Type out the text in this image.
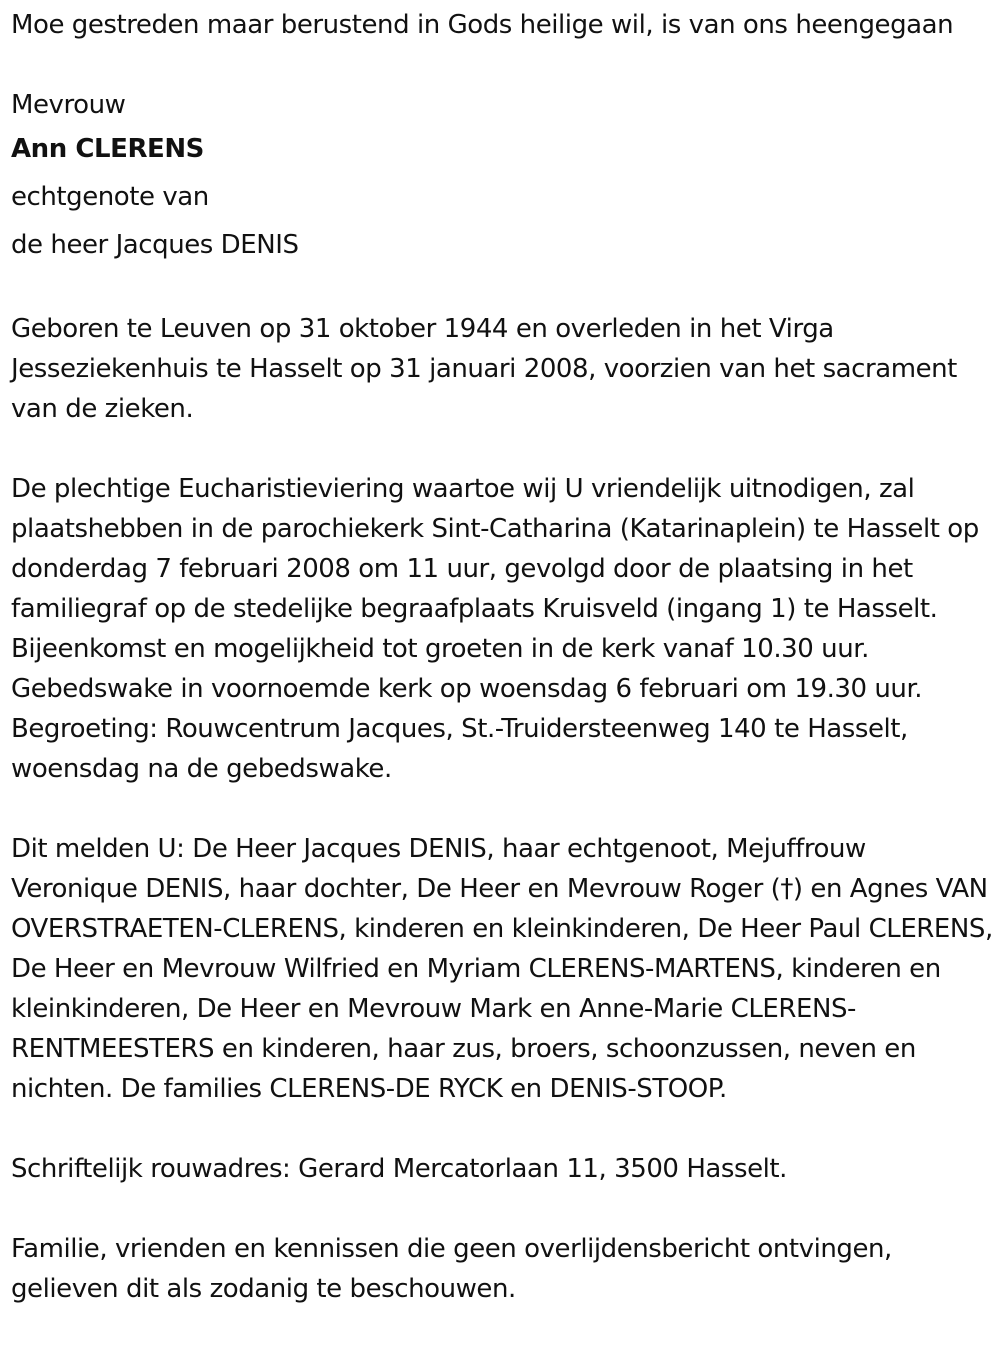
Moe gestreden maar berustend in Gods heilige wil, is van ons heengegaan

Mevrouw

Ann CLERENS

echtgenote van

de heer Jacques DENIS

Geboren te Leuven op 31 oktober 1944 en overleden in het Virga Jesseziekenhuis te Hasselt op 31 januari 2008, voorzien van het sacrament van de zieken.

De plechtige Eucharistieviering waartoe wij U vriendelijk uitnodigen, zal plaatshebben in de parochiekerk Sint-Catharina (Katarinaplein) te Hasselt op donderdag 7 februari 2008 om 11 uur, gevolgd door de plaatsing in het familiegraf op de stedelijke begraafplaats Kruisveld (ingang 1) te Hasselt. Bijeenkomst en mogelijkheid tot groeten in de kerk vanaf 10.30 uur. Gebedswake in voornoemde kerk op woensdag 6 februari om 19.30 uur. Begroeting: Rouwcentrum Jacques, St.-Truidersteenweg 140 te Hasselt, woensdag na de gebedswake.

Dit melden U: De Heer Jacques DENIS, haar echtgenoot, Mejuffrouw Veronique DENIS, haar dochter, De Heer en Mevrouw Roger (†) en Agnes VAN OVERSTRAETEN-CLERENS, kinderen en kleinkinderen, De Heer Paul CLERENS, De Heer en Mevrouw Wilfried en Myriam CLERENS-MARTENS, kinderen en kleinkinderen, De Heer en Mevrouw Mark en Anne-Marie CLERENS-RENTMEESTERS en kinderen, haar zus, broers, schoonzussen, neven en nichten. De families CLERENS-DE RYCK en DENIS-STOOP.

Schriftelijk rouwadres: Gerard Mercatorlaan 11, 3500 Hasselt.

Familie, vrienden en kennissen die geen overlijdensbericht ontvingen, gelieven dit als zodanig te beschouwen.
